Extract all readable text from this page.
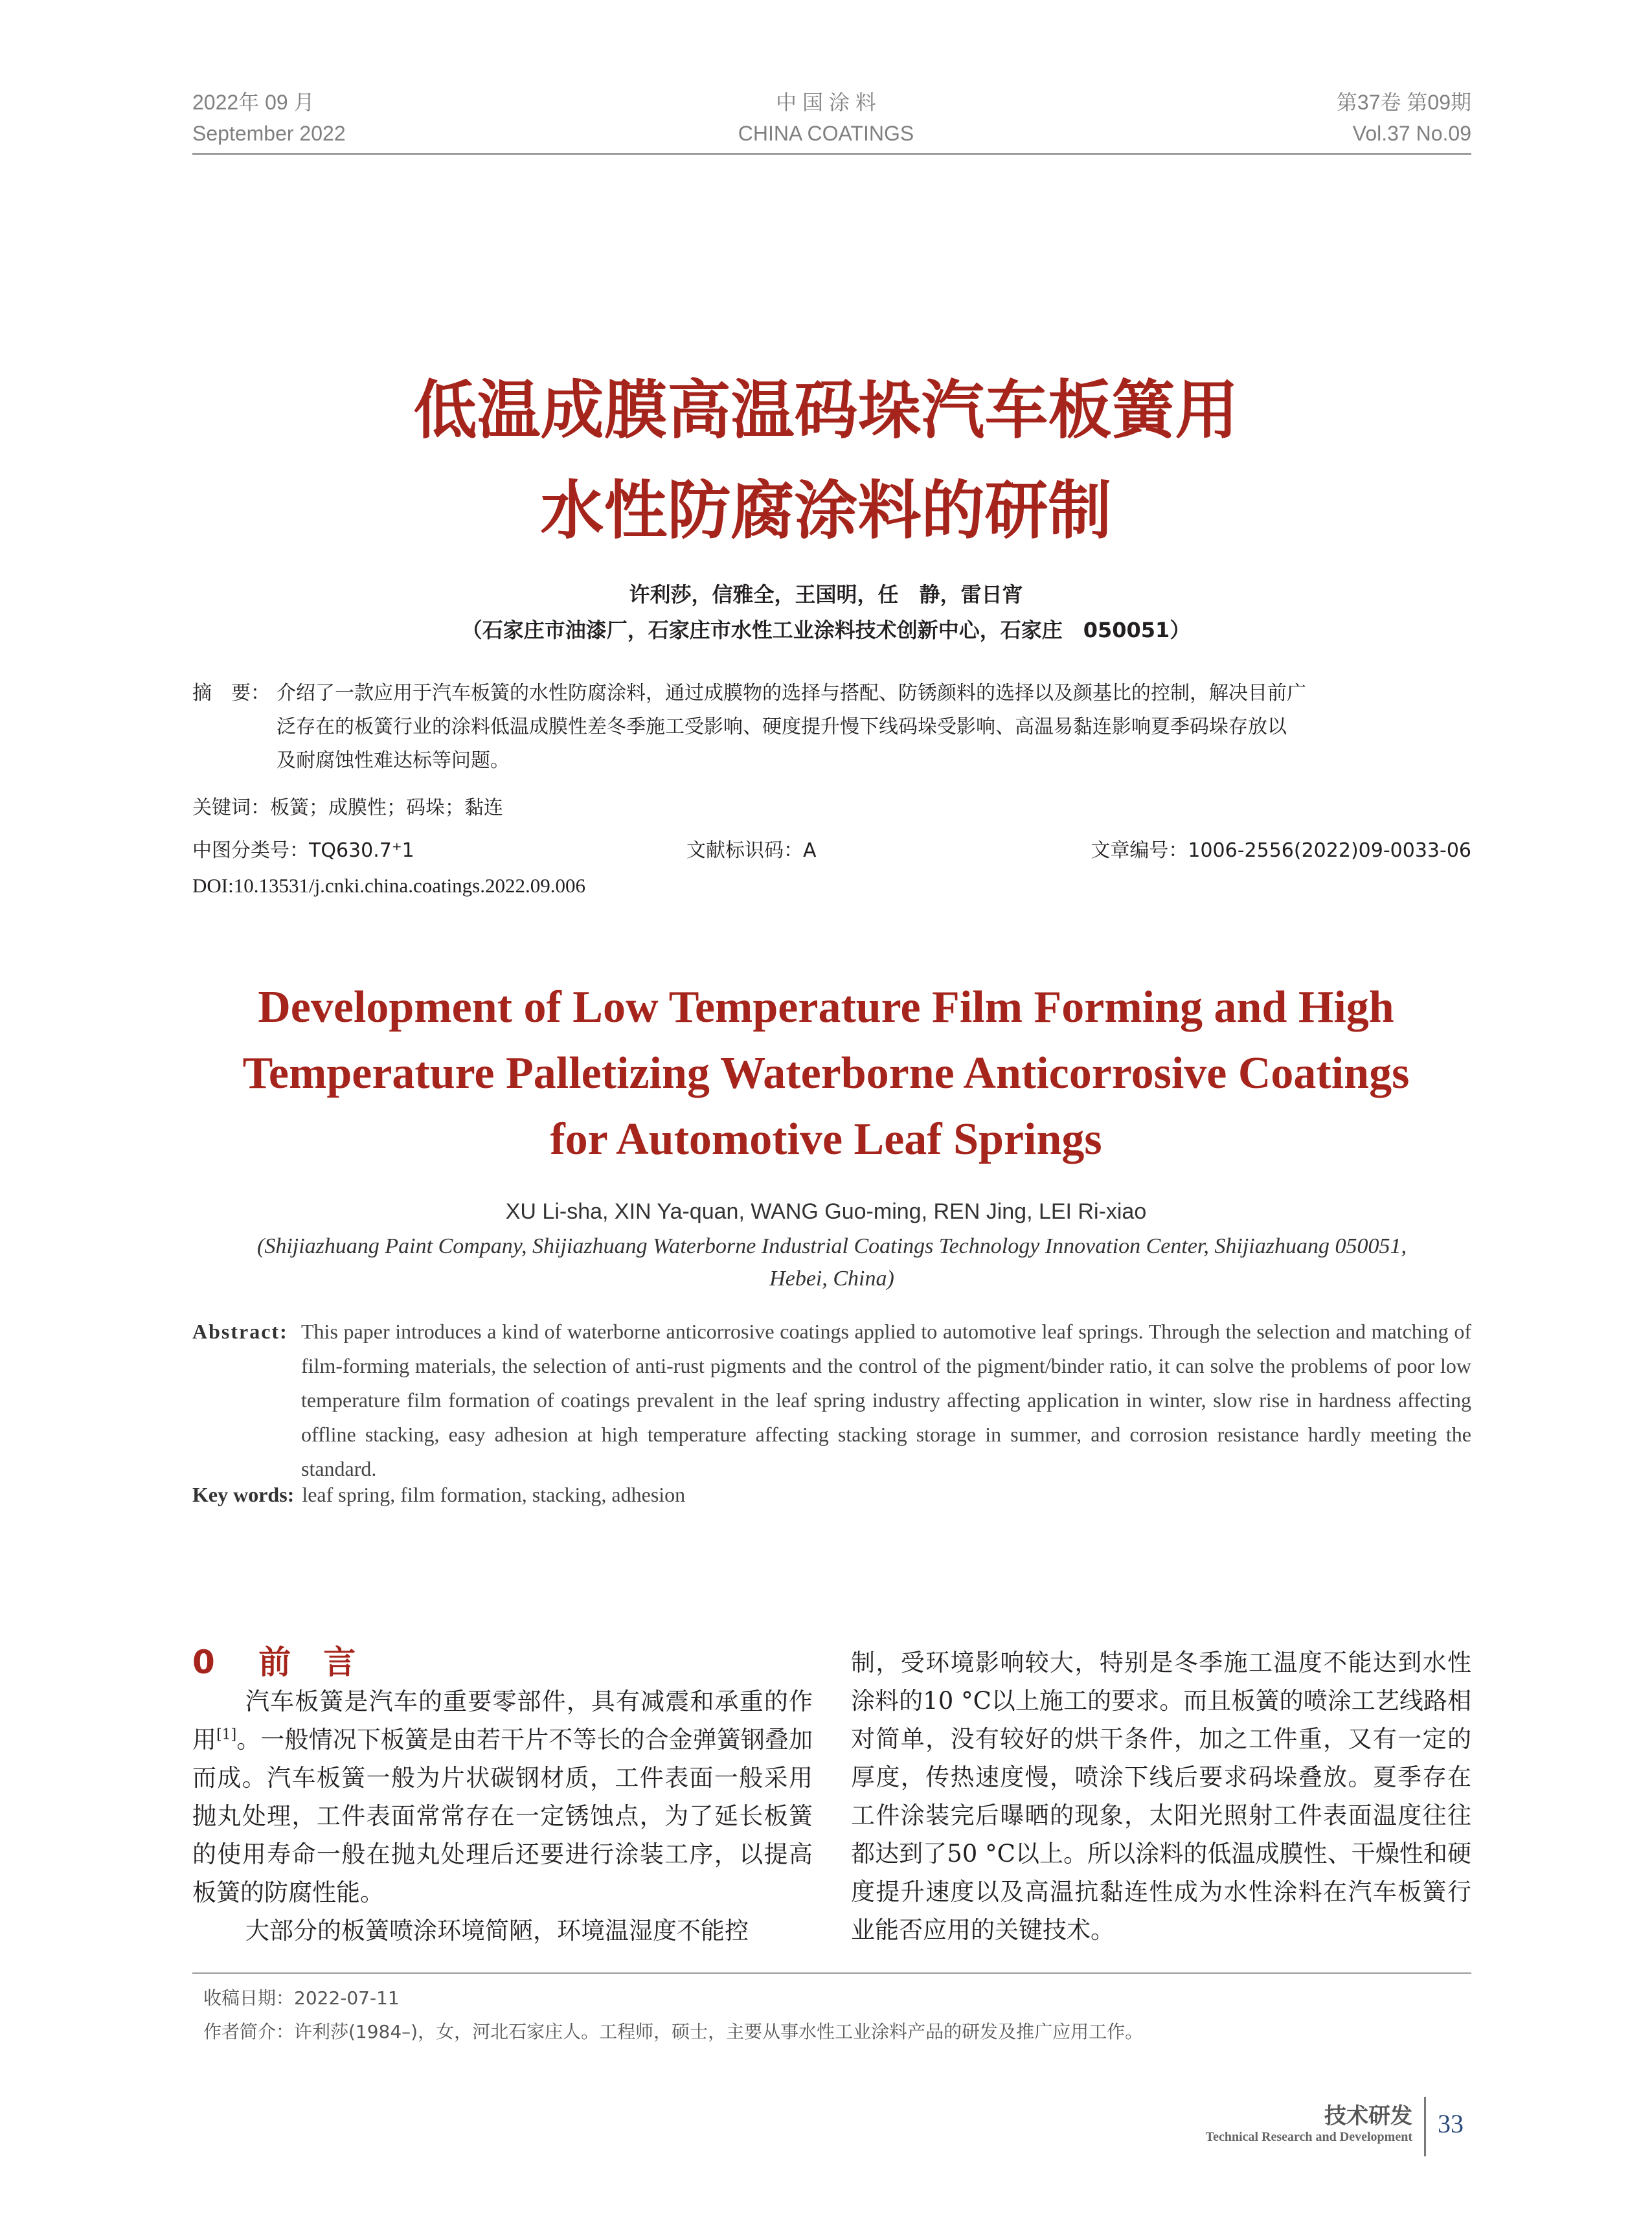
2022年 09 月
September 2022
中 国 涂 料
CHINA COATINGS
第37卷 第09期
Vol.37 No.09
低温成膜高温码垛汽车板簧用
水性防腐涂料的研制
许利莎，信雅全，王国明，任　静，雷日宵
（石家庄市油漆厂，石家庄市水性工业涂料技术创新中心，石家庄　050051）
摘　要： 介绍了一款应用于汽车板簧的水性防腐涂料，通过成膜物的选择与搭配、防锈颜料的选择以及颜基比的控制，解决目前广
泛存在的板簧行业的涂料低温成膜性差冬季施工受影响、硬度提升慢下线码垛受影响、高温易黏连影响夏季码垛存放以
及耐腐蚀性难达标等问题。
关键词：板簧；成膜性；码垛；黏连
中图分类号：TQ630.7⁺1	文献标识码：A	文章编号：1006-2556(2022)09-0033-06
DOI:10.13531/j.cnki.china.coatings.2022.09.006
Development of Low Temperature Film Forming and High
Temperature Palletizing Waterborne Anticorrosive Coatings
for Automotive Leaf Springs
XU Li-sha, XIN Ya-quan, WANG Guo-ming, REN Jing, LEI Ri-xiao
(Shijiazhuang Paint Company, Shijiazhuang Waterborne Industrial Coatings Technology Innovation Center, Shijiazhuang 050051,
Hebei, China)
Abstract: This paper introduces a kind of waterborne anticorrosive coatings applied to automotive leaf springs. Through the selection and matching of film-forming materials, the selection of anti-rust pigments and the control of the pigment/binder ratio, it can solve the problems of poor low temperature film formation of coatings prevalent in the leaf spring industry affecting application in winter, slow rise in hardness affecting offline stacking, easy adhesion at high temperature affecting stacking storage in summer, and corrosion resistance hardly meeting the standard.
Key words: leaf spring, film formation, stacking, adhesion
0 前　言

汽车板簧是汽车的重要零部件，具有减震和承重的作用[1]。一般情况下板簧是由若干片不等长的合金弹簧钢叠加而成。汽车板簧一般为片状碳钢材质，工件表面一般采用抛丸处理，工件表面常常存在一定锈蚀点，为了延长板簧的使用寿命一般在抛丸处理后还要进行涂装工序，以提高板簧的防腐性能。

大部分的板簧喷涂环境简陋，环境温湿度不能控

制，受环境影响较大，特别是冬季施工温度不能达到水性涂料的10 °C以上施工的要求。而且板簧的喷涂工艺线路相对简单，没有较好的烘干条件，加之工件重，又有一定的厚度，传热速度慢，喷涂下线后要求码垛叠放。夏季存在工件涂装完后曝晒的现象，太阳光照射工件表面温度往往都达到了50 °C以上。所以涂料的低温成膜性、干燥性和硬度提升速度以及高温抗黏连性成为水性涂料在汽车板簧行业能否应用的关键技术。

收稿日期：2022-07-11
作者简介：许利莎(1984–)，女，河北石家庄人。工程师，硕士，主要从事水性工业涂料产品的研发及推广应用工作。
技术研发
Technical Research and Development 33
